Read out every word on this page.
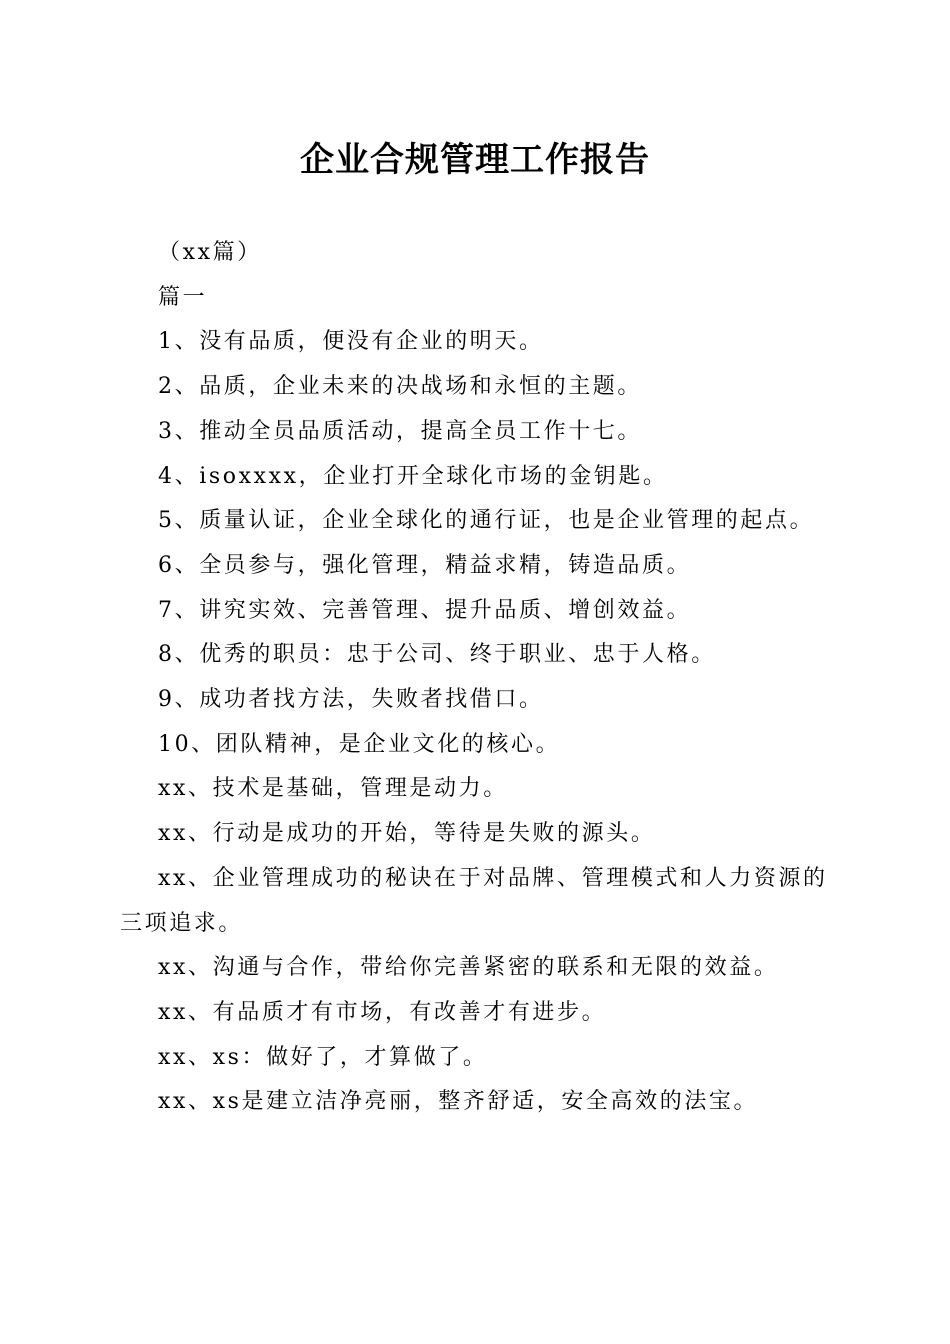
企业合规管理工作报告

（xx篇）

篇一

1、没有品质，便没有企业的明天。

2、品质，企业未来的决战场和永恒的主题。

3、推动全员品质活动，提高全员工作十七。

4、isoxxxx，企业打开全球化市场的金钥匙。

5、质量认证，企业全球化的通行证，也是企业管理的起点。

6、全员参与，强化管理，精益求精，铸造品质。

7、讲究实效、完善管理、提升品质、增创效益。

8、优秀的职员：忠于公司、终于职业、忠于人格。

9、成功者找方法，失败者找借口。

10、团队精神，是企业文化的核心。

xx、技术是基础，管理是动力。

xx、行动是成功的开始，等待是失败的源头。

xx、企业管理成功的秘诀在于对品牌、管理模式和人力资源的三项追求。

xx、沟通与合作，带给你完善紧密的联系和无限的效益。

xx、有品质才有市场，有改善才有进步。

xx、xs：做好了，才算做了。

xx、xs是建立洁净亮丽，整齐舒适，安全高效的法宝。
